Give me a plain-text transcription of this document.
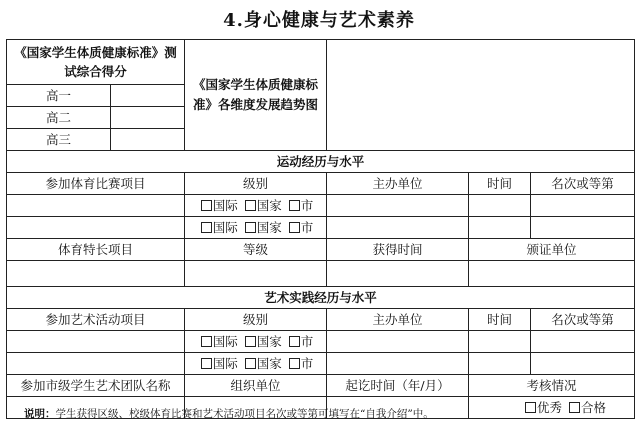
4.身心健康与艺术素养
《国家学生体质健康标准》测试综合得分		《国家学生体质健康标准》各维度发展趋势图			

高一					
高二					
高三					
运动经历与水平					
参加体育比赛项目		级别	主办单位	时间	名次或等第
		国际 国家 市			
		国际 国家 市			
体育特长项目		等级	获得时间	颁证单位	

艺术实践经历与水平					
参加艺术活动项目		级别	主办单位	时间	名次或等第
		国际 国家 市			
		国际 国家 市			
参加市级学生艺术团队名称		组织单位	起讫时间（年/月）	考核情况	
				优秀 合格	
说明：学生获得区级、校级体育比赛和艺术活动项目名次或等第可填写在“自我介绍”中。
